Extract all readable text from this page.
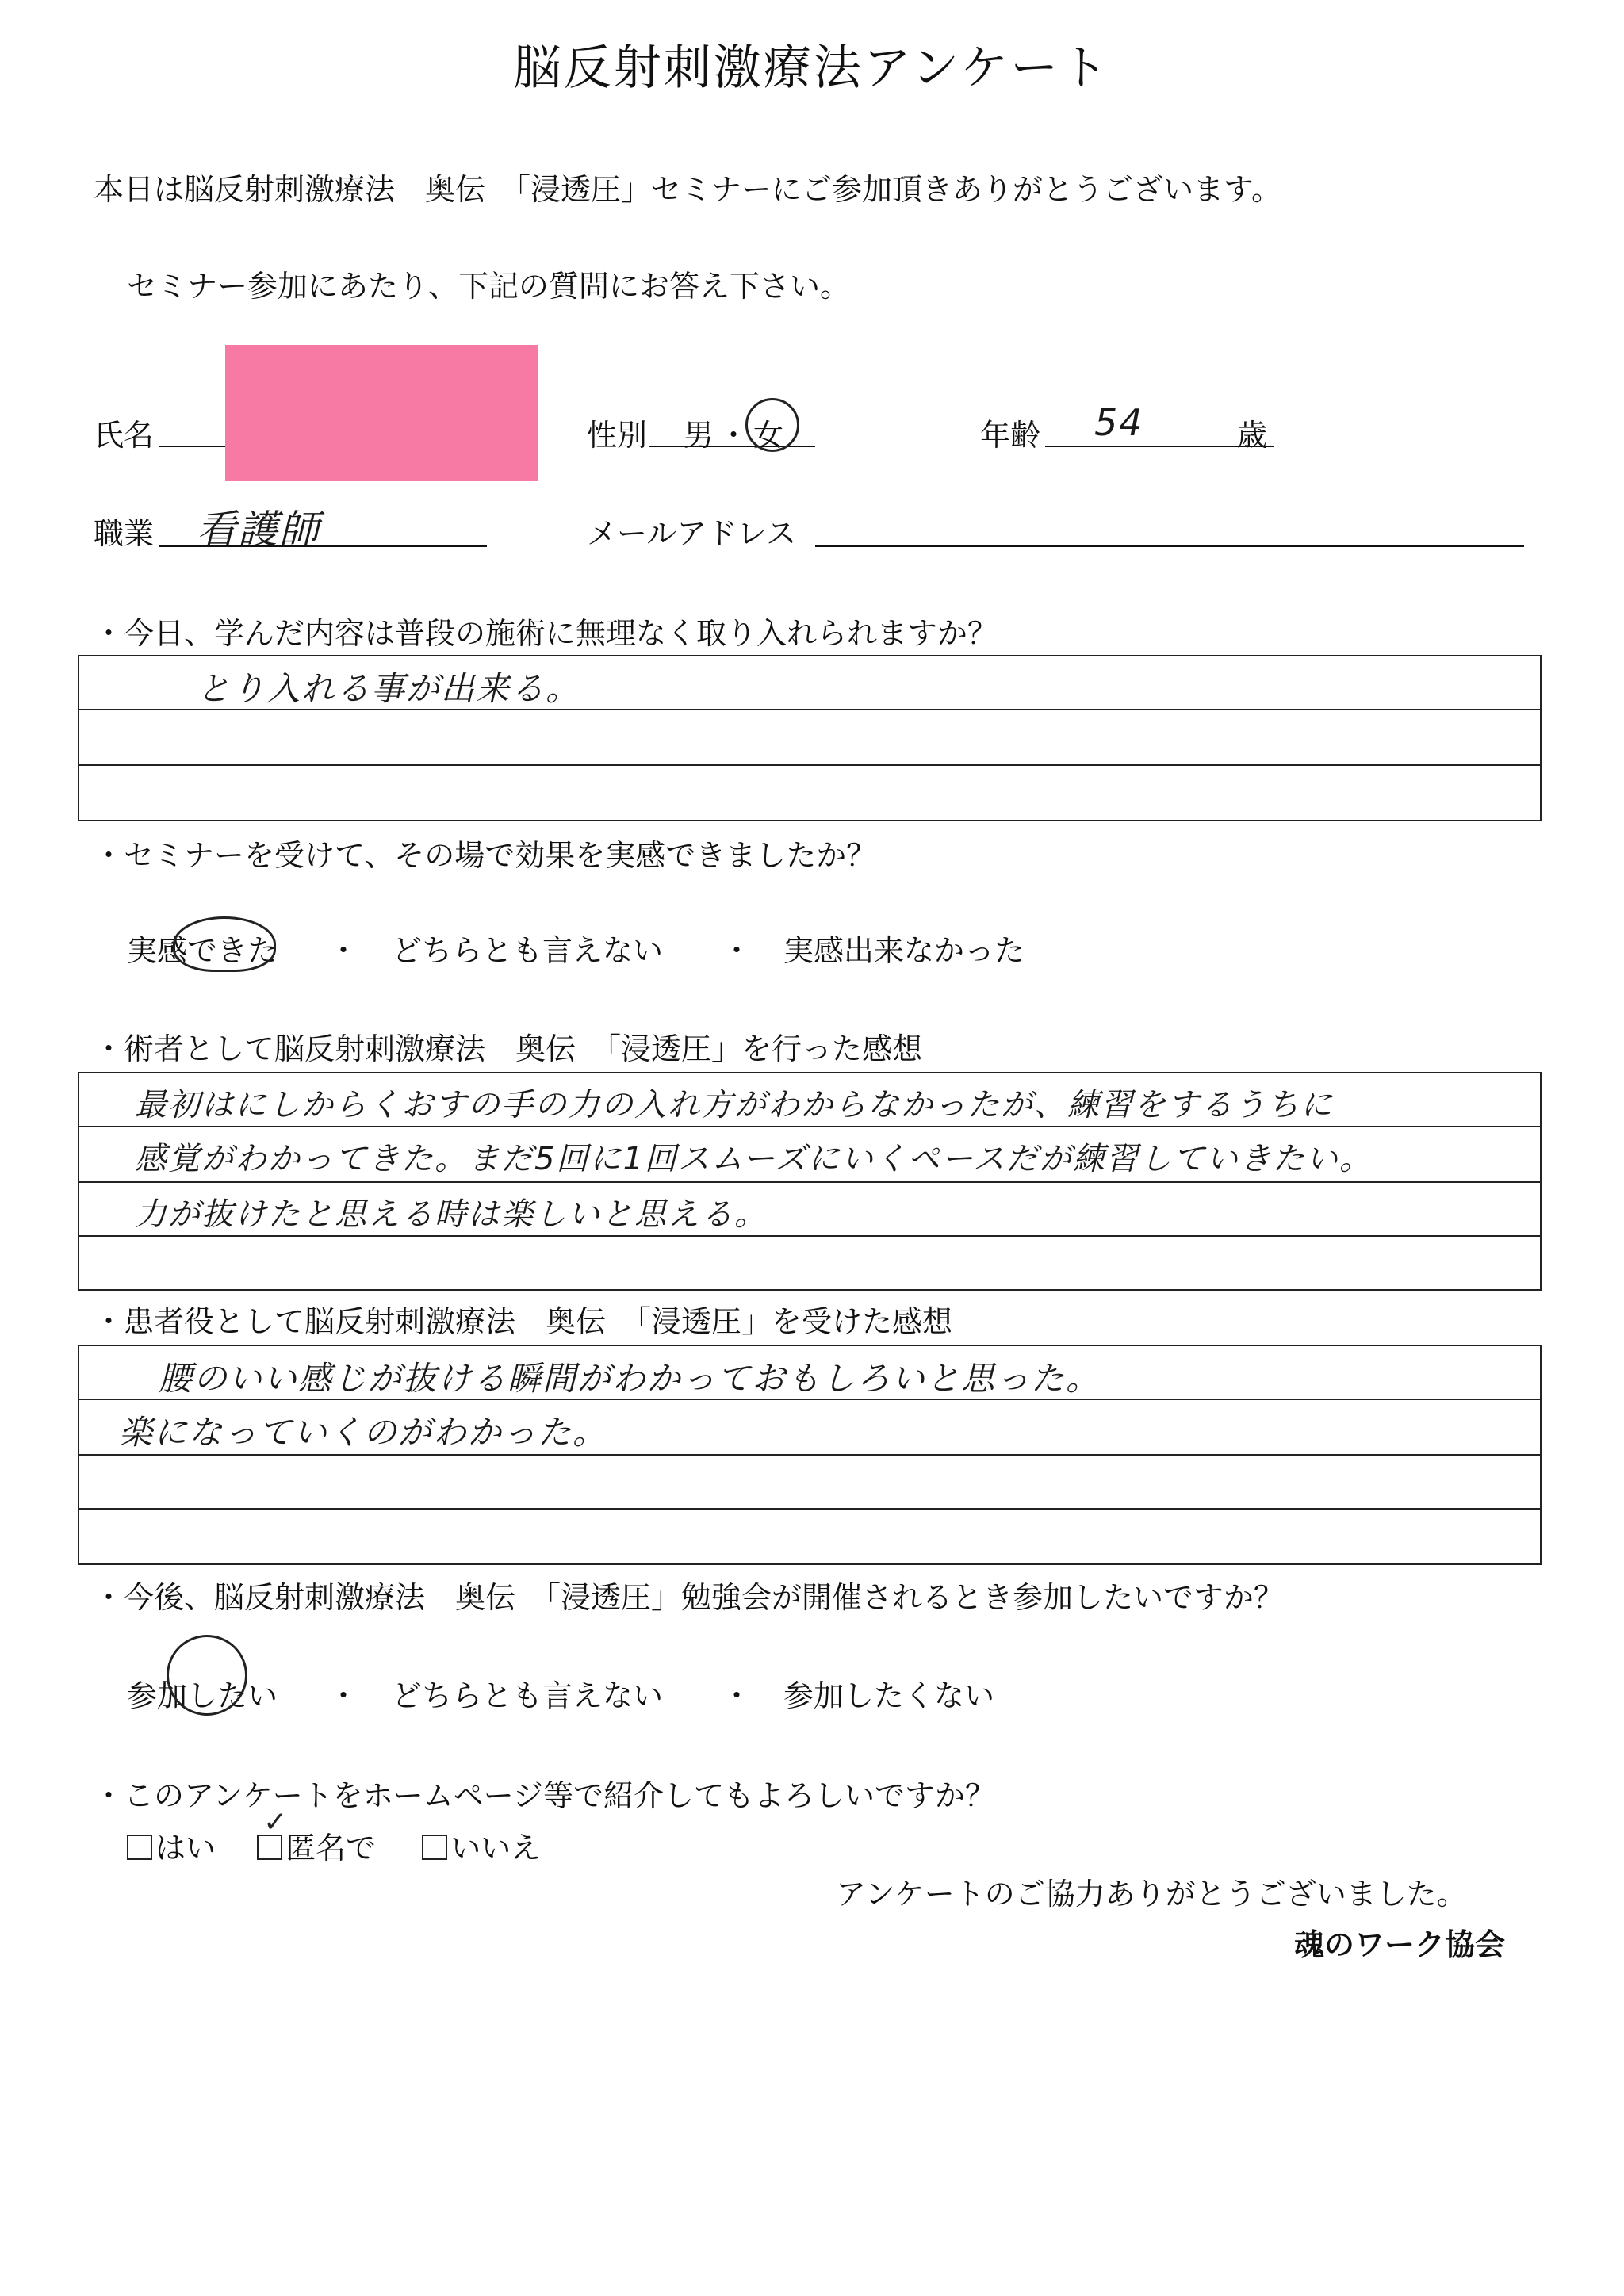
脳反射刺激療法アンケート
本日は脳反射刺激療法　奥伝　「浸透圧」セミナーにご参加頂きありがとうございます。
セミナー参加にあたり、下記の質問にお答え下さい。
氏名	性別 男・女	年齢 54	歳
職業 看護師	メールアドレス
・今日、学んだ内容は普段の施術に無理なく取り入れられますか？
とり入れる事が出来る。
・セミナーを受けて、その場で効果を実感できましたか？
実感できた ・ どちらとも言えない ・ 実感出来なかった
・術者として脳反射刺激療法　奥伝　「浸透圧」を行った感想
最初はにしからくおすの手の力の入れ方がわからなかったが、練習をするうちに
感覚がわかってきた。まだ5回に1回スムーズにいくペースだが練習していきたい。
力が抜けたと思える時は楽しいと思える。
・患者役として脳反射刺激療法　奥伝　「浸透圧」を受けた感想
腰のいい感じが抜ける瞬間がわかっておもしろいと思った。
楽になっていくのがわかった。
・今後、脳反射刺激療法　奥伝　「浸透圧」勉強会が開催されるとき参加したいですか？
参加したい ・ どちらとも言えない ・ 参加したくない
・このアンケートをホームページ等で紹介してもよろしいですか？
はい 匿名で
✓
いいえ
アンケートのご協力ありがとうございました。
魂のワーク協会
